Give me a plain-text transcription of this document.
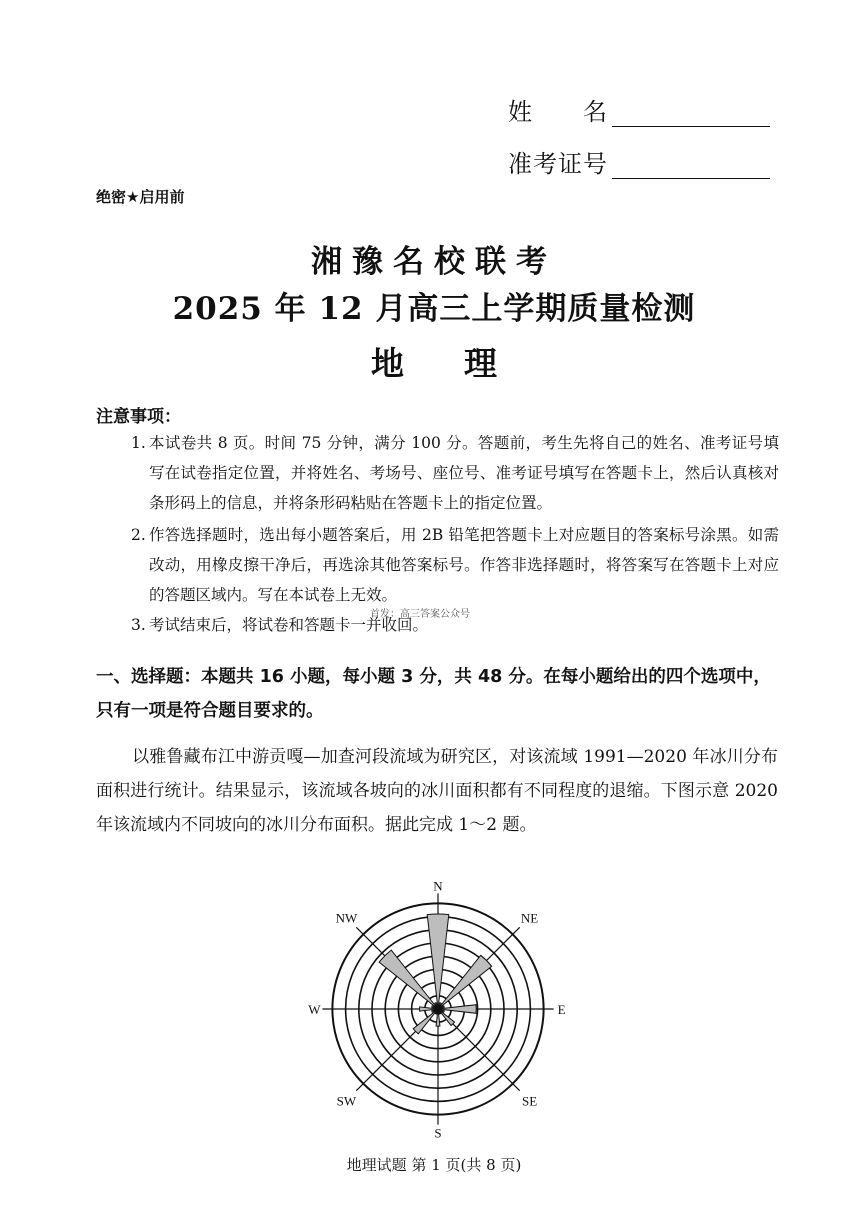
姓　　名
准考证号
绝密★启用前
湘豫名校联考
2025 年 12 月高三上学期质量检测
地理
注意事项：
1. 本试卷共 8 页。时间 75 分钟，满分 100 分。答题前，考生先将自己的姓名、准考证号填写在试卷指定位置，并将姓名、考场号、座位号、准考证号填写在答题卡上，然后认真核对条形码上的信息，并将条形码粘贴在答题卡上的指定位置。
2. 作答选择题时，选出每小题答案后，用 2B 铅笔把答题卡上对应题目的答案标号涂黑。如需改动，用橡皮擦干净后，再选涂其他答案标号。作答非选择题时，将答案写在答题卡上对应的答题区域内。写在本试卷上无效。
3. 考试结束后，将试卷和答题卡一并收回。
首发：高三答案公众号
一、选择题：本题共 16 小题，每小题 3 分，共 48 分。在每小题给出的四个选项中，只有一项是符合题目要求的。
以雅鲁藏布江中游贡嘎—加查河段流域为研究区，对该流域 1991—2020 年冰川分布面积进行统计。结果显示，该流域各坡向的冰川面积都有不同程度的退缩。下图示意 2020 年该流域内不同坡向的冰川分布面积。据此完成 1～2 题。
N
NE
E
SE
S
SW
W
NW
地理试题 第 1 页(共 8 页)
